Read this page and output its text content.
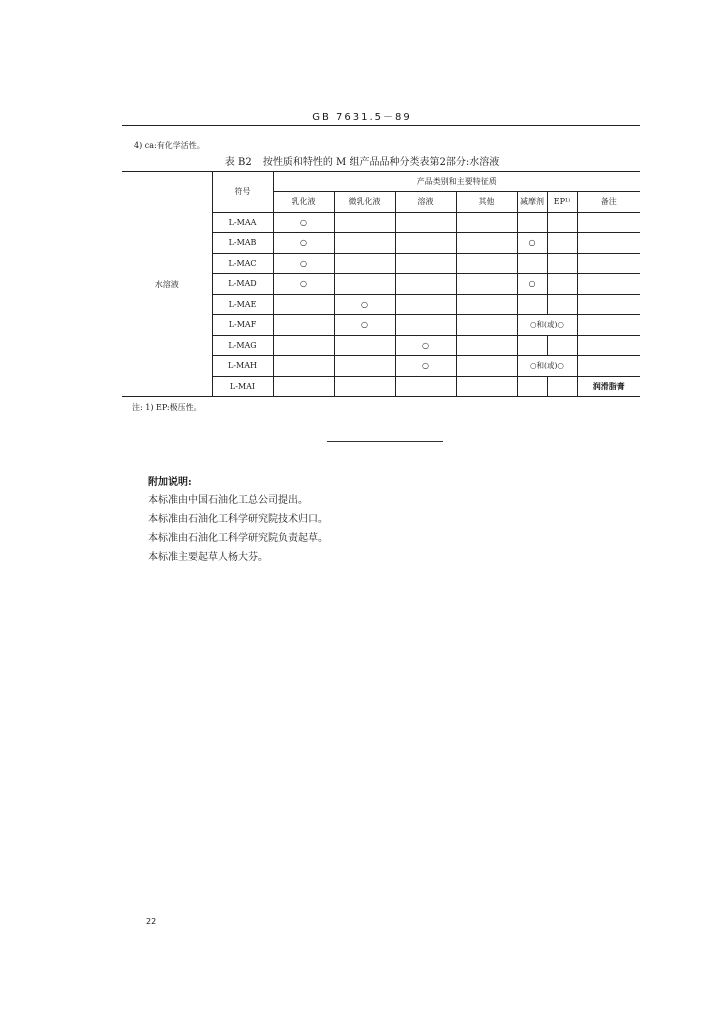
GB 7631.5－89
4) ca:有化学活性。
表 B2 按性质和特性的 M 组产品品种分类表第2部分:水溶液
水溶液	符号	产品类别和主要特征质						
		乳化液	微乳化液	溶液	其他	减摩剂	EP¹⁾	备注
	L-MAA	○						
	L-MAB	○				○		
	L-MAC	○						
	L-MAD	○				○		
	L-MAE		○					
	L-MAF		○			○和(或)○		
	L-MAG			○				
	L-MAH			○		○和(或)○		
	L-MAI							润滑脂膏
注: 1) EP:极压性。
附加说明:
本标准由中国石油化工总公司提出。
本标准由石油化工科学研究院技术归口。
本标准由石油化工科学研究院负责起草。
本标准主要起草人杨大芬。
22
